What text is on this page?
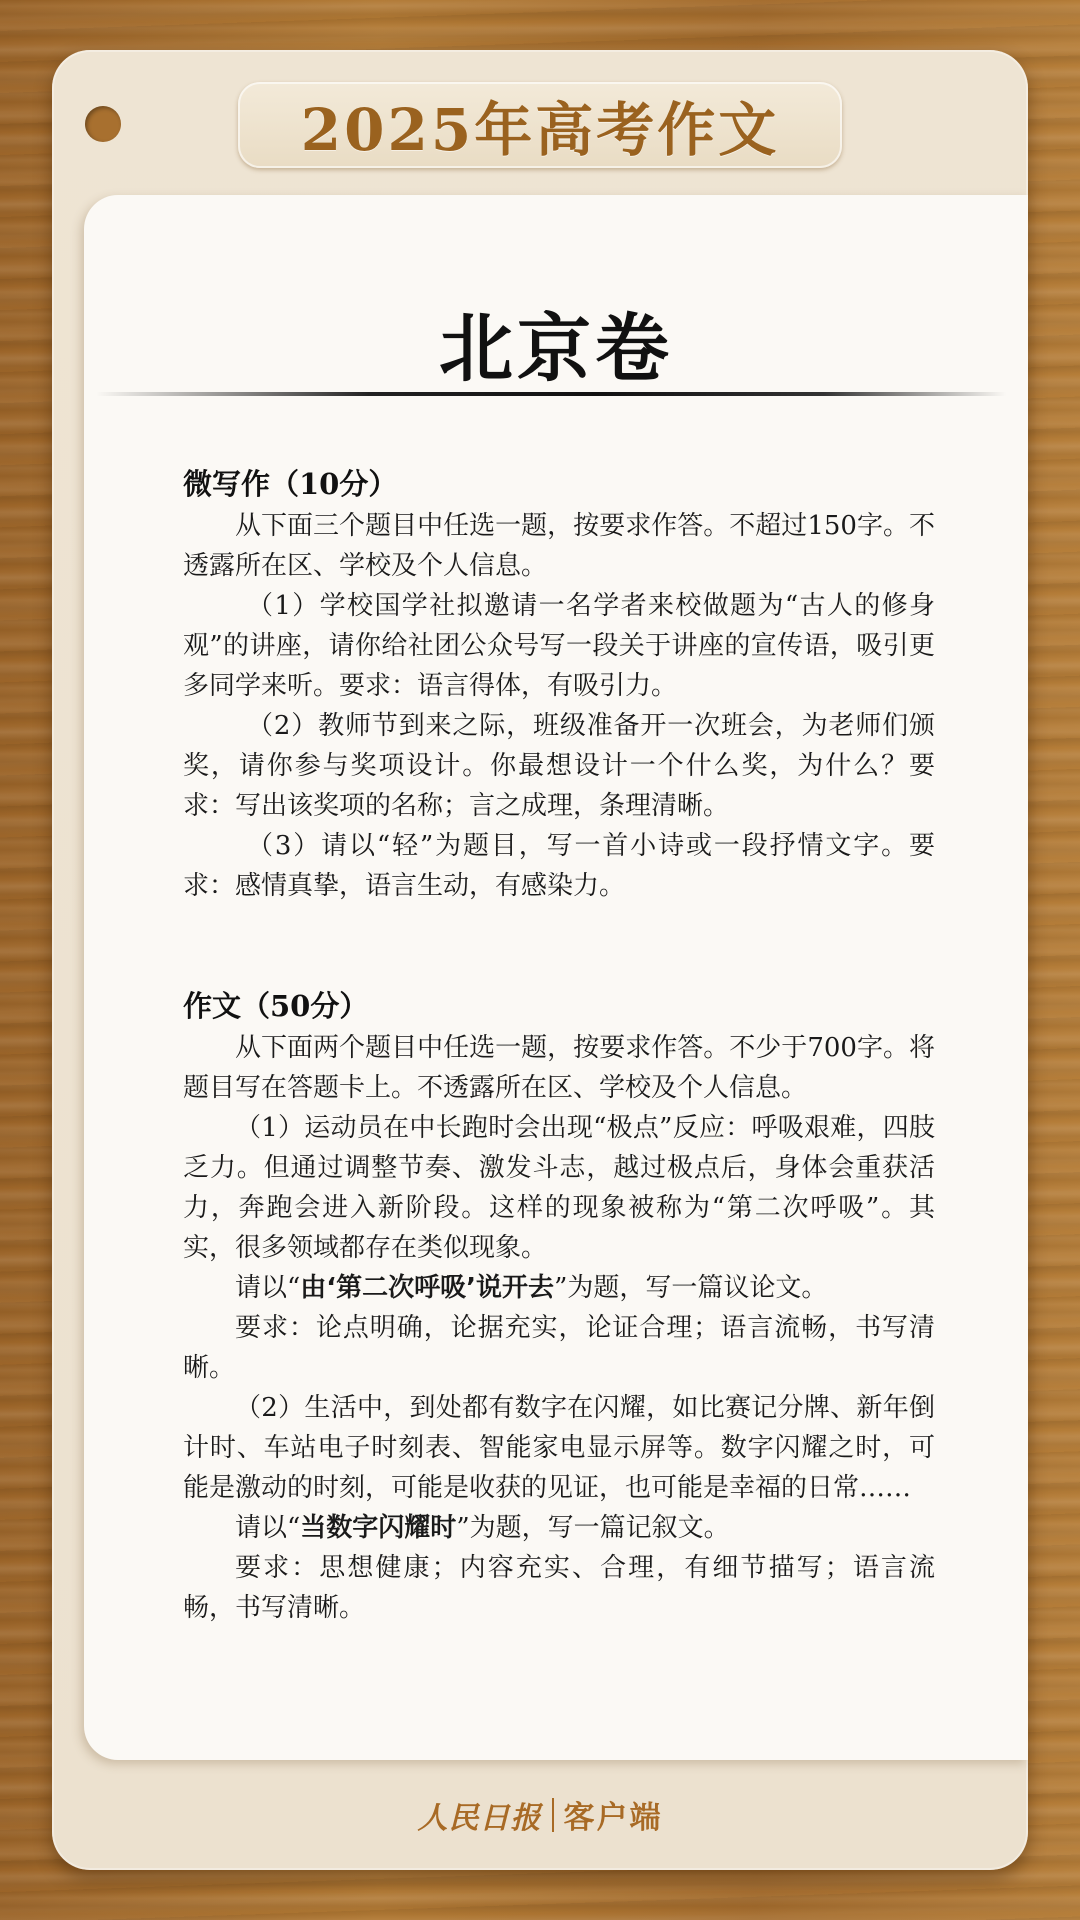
2025年高考作文
北京卷

微写作（10分）

从下面三个题目中任选一题，按要求作答。不超过150字。不透露所在区、学校及个人信息。

（1）学校国学社拟邀请一名学者来校做题为“古人的修身观”的讲座，请你给社团公众号写一段关于讲座的宣传语，吸引更多同学来听。要求：语言得体，有吸引力。

（2）教师节到来之际，班级准备开一次班会，为老师们颁奖，请你参与奖项设计。你最想设计一个什么奖，为什么？要求：写出该奖项的名称；言之成理，条理清晰。

（3）请以“轻”为题目，写一首小诗或一段抒情文字。要求：感情真挚，语言生动，有感染力。

作文（50分）

从下面两个题目中任选一题，按要求作答。不少于700字。将题目写在答题卡上。不透露所在区、学校及个人信息。

（1）运动员在中长跑时会出现“极点”反应：呼吸艰难，四肢乏力。但通过调整节奏、激发斗志，越过极点后，身体会重获活力，奔跑会进入新阶段。这样的现象被称为“第二次呼吸”。其实，很多领域都存在类似现象。

请以“由‘第二次呼吸’说开去”为题，写一篇议论文。

要求：论点明确，论据充实，论证合理；语言流畅，书写清晰。

（2）生活中，到处都有数字在闪耀，如比赛记分牌、新年倒计时、车站电子时刻表、智能家电显示屏等。数字闪耀之时，可能是激动的时刻，可能是收获的见证，也可能是幸福的日常……

请以“当数字闪耀时”为题，写一篇记叙文。

要求：思想健康；内容充实、合理，有细节描写；语言流畅，书写清晰。

人民日报 客户端
